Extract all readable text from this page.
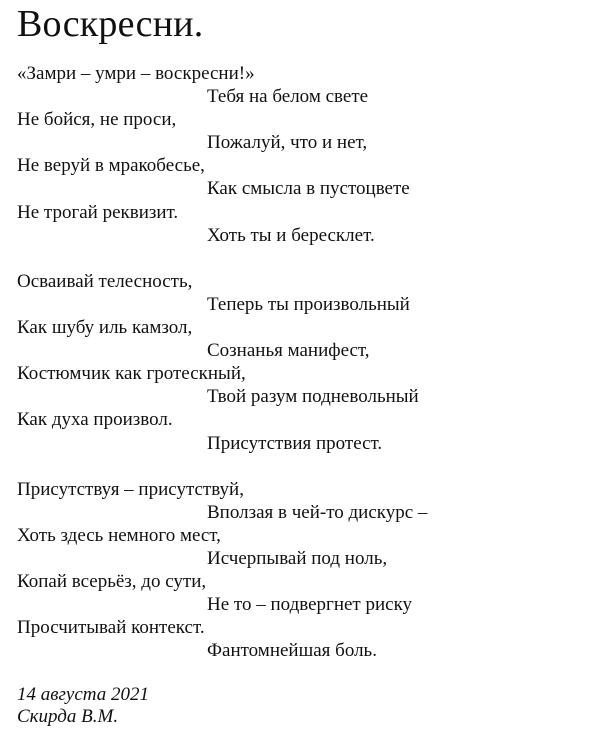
Воскресни.
«Замри – умри – воскресни!»
Тебя на белом свете
Не бойся, не проси,
Пожалуй, что и нет,
Не веруй в мракобесье,
Как смысла в пустоцвете
Не трогай реквизит.
Хоть ты и бересклет.
Осваивай телесность,
Теперь ты произвольный
Как шубу иль камзол,
Сознанья манифест,
Костюмчик как гротескный,
Твой разум подневольный
Как духа произвол.
Присутствия протест.
Присутствуя – присутствуй,
Вползая в чей-то дискурс –
Хоть здесь немного мест,
Исчерпывай под ноль,
Копай всерьёз, до сути,
Не то – подвергнет риску
Просчитывай контекст.
Фантомнейшая боль.
14 августа 2021
Скирда В.М.
